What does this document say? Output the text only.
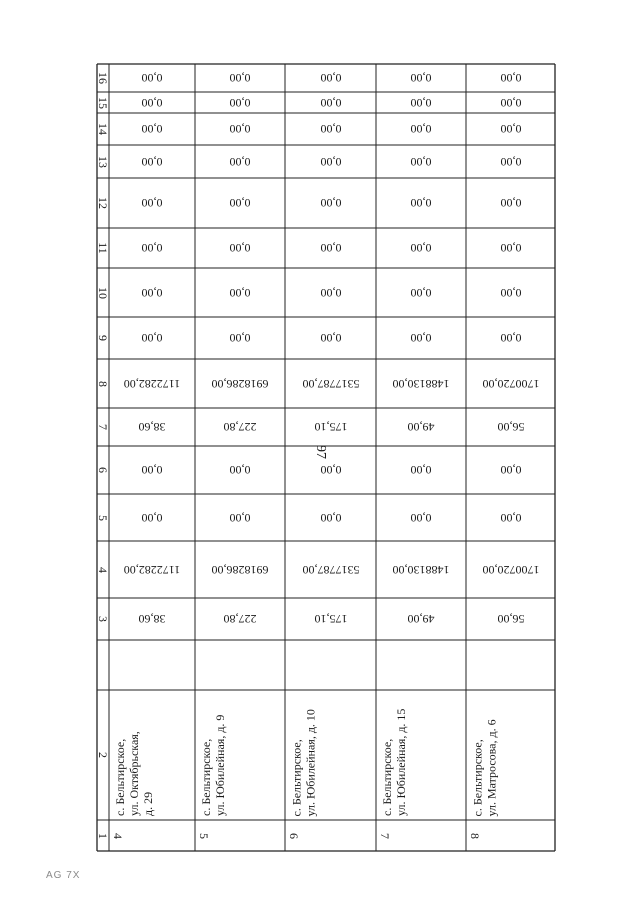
97
AG 7X
1
2
3
4
5
6
7
8
9
10
11
12
13
14
15
16
4
с. Бельтирское,
ул. Октябрьская,
д. 29
38,60
1172282,00
0,00
0,00
38,60
1172282,00
0,00
0,00
0,00
0,00
0,00
0,00
0,00
0,00
5
с. Бельтирское,
ул. Юбилейная, д. 9
227,80
6918286,00
0,00
0,00
227,80
6918286,00
0,00
0,00
0,00
0,00
0,00
0,00
0,00
0,00
6
с. Бельтирское,
ул. Юбилейная, д. 10
175,10
5317787,00
0,00
0,00
175,10
5317787,00
0,00
0,00
0,00
0,00
0,00
0,00
0,00
0,00
7
с. Бельтирское,
ул. Юбилейная, д. 15
49,00
1488130,00
0,00
0,00
49,00
1488130,00
0,00
0,00
0,00
0,00
0,00
0,00
0,00
0,00
8
с. Бельтирское,
ул. Матросова, д. 6
56,00
1700720,00
0,00
0,00
56,00
1700720,00
0,00
0,00
0,00
0,00
0,00
0,00
0,00
0,00
